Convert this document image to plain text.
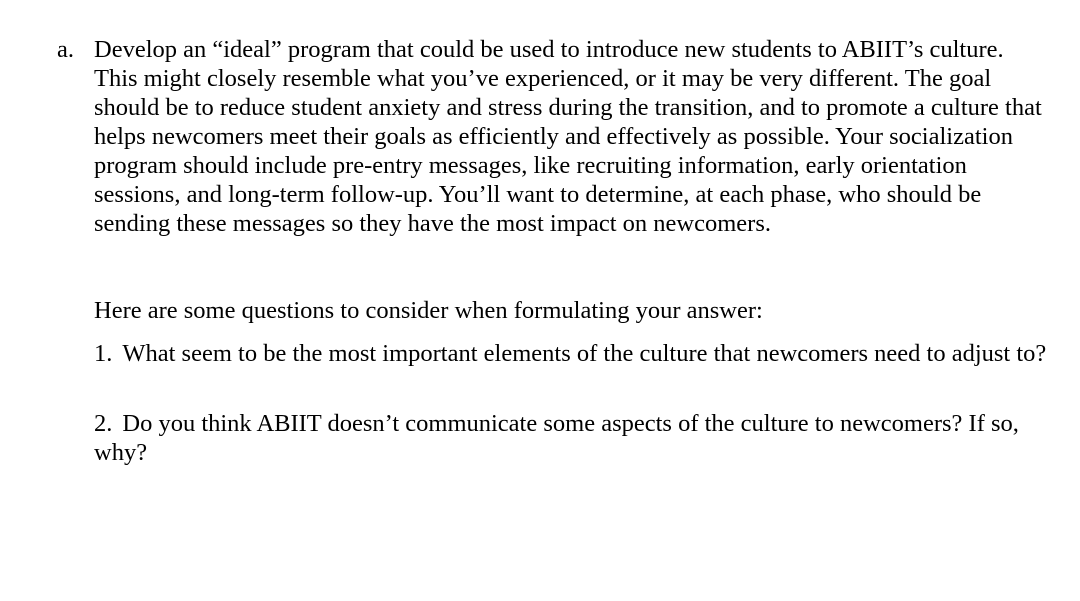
a. Develop an “ideal” program that could be used to introduce new students to ABIIT’s culture. This might closely resemble what you’ve experienced, or it may be very different. The goal should be to reduce student anxiety and stress during the transition, and to promote a culture that helps newcomers meet their goals as efficiently and effectively as possible. Your socialization program should include pre-entry messages, like recruiting information, early orientation sessions, and long-term follow-up. You’ll want to determine, at each phase, who should be sending these messages so they have the most impact on newcomers.

Here are some questions to consider when formulating your answer:

1. What seem to be the most important elements of the culture that newcomers need to adjust to?

2. Do you think ABIIT doesn’t communicate some aspects of the culture to newcomers? If so, why?
